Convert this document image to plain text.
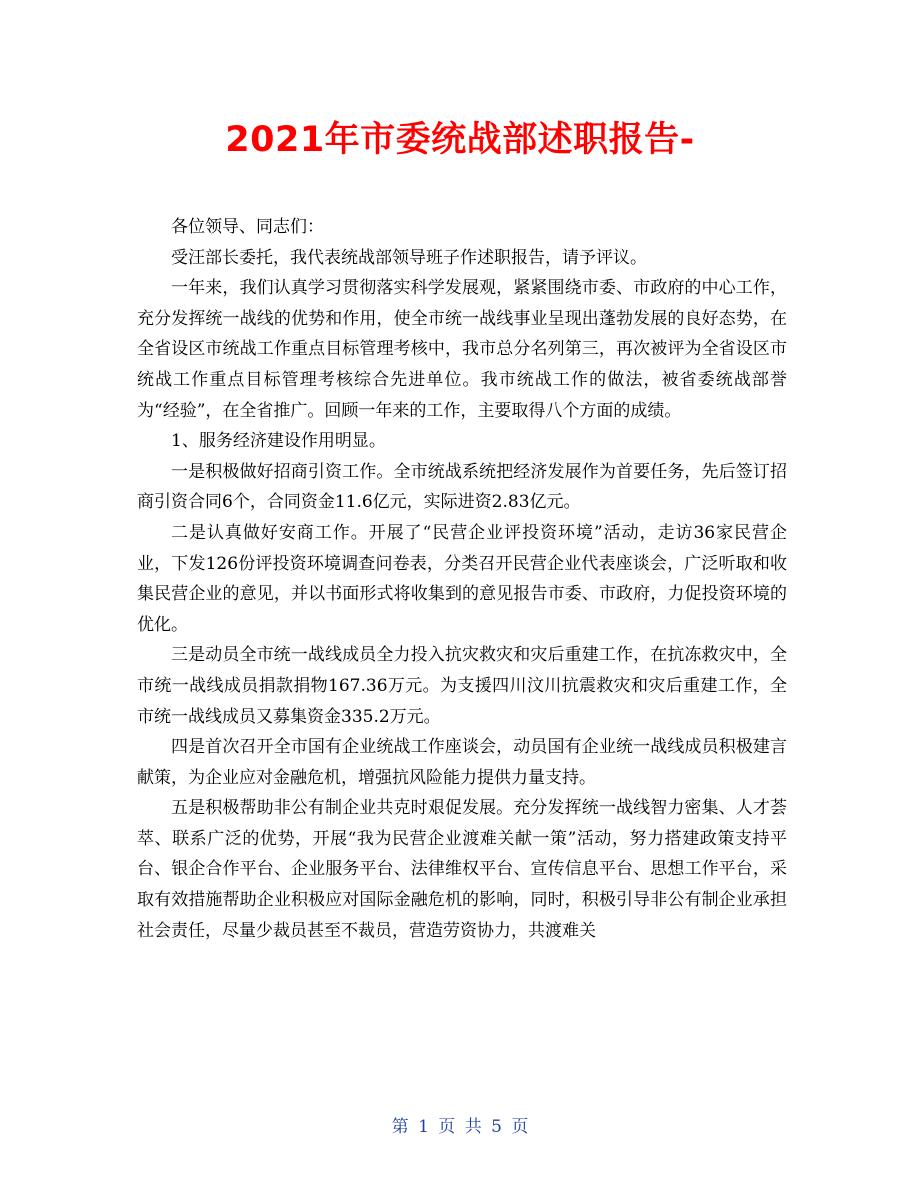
2021年市委统战部述职报告-

各位领导、同志们：

受汪部长委托，我代表统战部领导班子作述职报告，请予评议。

一年来，我们认真学习贯彻落实科学发展观，紧紧围绕市委、市政府的中心工作，充分发挥统一战线的优势和作用，使全市统一战线事业呈现出蓬勃发展的良好态势，在全省设区市统战工作重点目标管理考核中，我市总分名列第三，再次被评为全省设区市统战工作重点目标管理考核综合先进单位。我市统战工作的做法，被省委统战部誉为“经验”，在全省推广。回顾一年来的工作，主要取得八个方面的成绩。

1、服务经济建设作用明显。

一是积极做好招商引资工作。全市统战系统把经济发展作为首要任务，先后签订招商引资合同6个，合同资金11.6亿元，实际进资2.83亿元。

二是认真做好安商工作。开展了“民营企业评投资环境”活动，走访36家民营企业，下发126份评投资环境调查问卷表，分类召开民营企业代表座谈会，广泛听取和收集民营企业的意见，并以书面形式将收集到的意见报告市委、市政府，力促投资环境的优化。

三是动员全市统一战线成员全力投入抗灾救灾和灾后重建工作，在抗冻救灾中，全市统一战线成员捐款捐物167.36万元。为支援四川汶川抗震救灾和灾后重建工作，全市统一战线成员又募集资金335.2万元。

四是首次召开全市国有企业统战工作座谈会，动员国有企业统一战线成员积极建言献策，为企业应对金融危机，增强抗风险能力提供力量支持。

五是积极帮助非公有制企业共克时艰促发展。充分发挥统一战线智力密集、人才荟萃、联系广泛的优势，开展“我为民营企业渡难关献一策”活动，努力搭建政策支持平台、银企合作平台、企业服务平台、法律维权平台、宣传信息平台、思想工作平台，采取有效措施帮助企业积极应对国际金融危机的影响，同时，积极引导非公有制企业承担社会责任，尽量少裁员甚至不裁员，营造劳资协力，共渡难关

第 1 页 共 5 页
